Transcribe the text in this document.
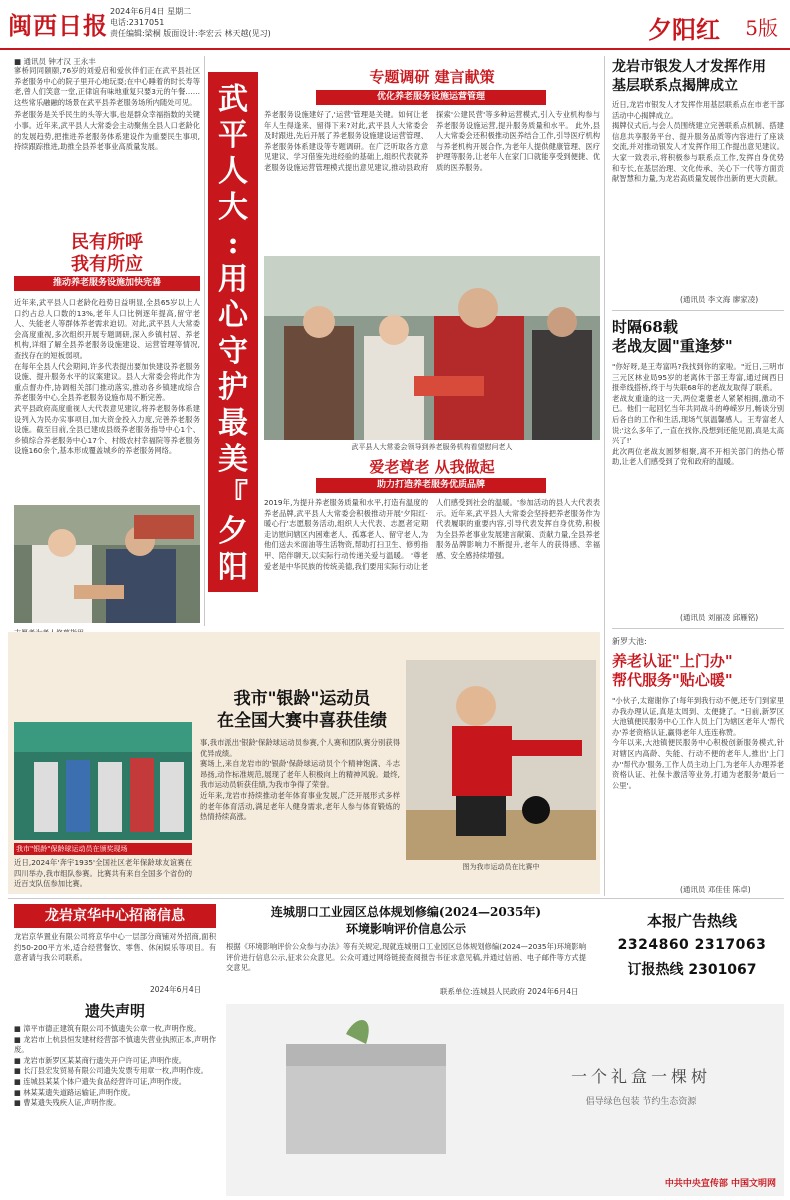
闽西日报 2024年6月4日 星期二
电话:2317051
责任编辑:梁桐 版面设计:李宏云 林天越(见习)	夕阳红 5版
■ 通讯员 钟才汉 王永丰

寥桥同同颐颐,76岁的刘爱启和爱伙伴们正在武平县社区养老服务中心的院子里开心地玩耍;在中心睡着的时长寿等老,曾人们笑意一堂,正律谊有味地重复只要3元的午餐……这些常乐融融的场景在武平县养老服务场所内随处可见。

养老服务是关乎民生的头等大事,也是群众幸福指数的关键小事。近年来,武平县人大常委会主动聚焦全县人口老龄化的发展趋势,把推进养老服务体系建设作为重要民生事项,持续跟踪推进,助推全县养老事业高质量发展。

民有所呼
我有所应
推动养老服务设施加快完善
近年来,武平县人口老龄化趋势日益明显,全县65岁以上人口约占总人口数的13%,老年人口比例逐年提高,留守老人、失能老人等群体养老需求迫切。对此,武平县人大常委会高度重视,多次组织开展专题调研,深入乡镇村居、养老机构,详细了解全县养老服务设施建设、运营管理等情况,查找存在的短板弱项。
在每年全县人代会期间,许多代表提出要加快建设养老服务设施、提升服务水平的议案建议。县人大常委会将此作为重点督办件,协调相关部门推动落实,推动各乡镇建成综合养老服务中心,全县养老服务设施布局不断完善。
武平县政府高度重视人大代表意见建议,将养老服务体系建设列入为民办实事项目,加大资金投入力度,完善养老服务设施。截至目前,全县已建成县级养老服务指导中心1个、乡镇综合养老服务中心17个、村级农村幸福院等养老服务设施160余个,基本形成覆盖城乡的养老服务网络。
武
平
人
大
:
用
心
守
护
最
美
『
夕
阳
专题调研 建言献策
优化养老服务设施运营管理
养老服务设施建好了,'运营'管理是关键。如何让老年人生得逢来、留得下来?对此,武平县人大常委会及时跟进,先后开展了养老服务设施建设运营管理、养老服务体系建设等专题调研。在广泛听取各方意见建议、学习借鉴先进经验的基础上,组织代表就养老服务设施运营管理模式提出意见建议,推动县政府探索'公建民营'等多种运营模式,引入专业机构参与养老服务设施运营,提升服务质量和水平。 此外,县人大常委会还积极推动医养结合工作,引导医疗机构与养老机构开展合作,为老年人提供健康管理、医疗护理等服务,让老年人在家门口就能享受到便捷、优质的医养服务。
武平县人大常委会领导到养老服务机构看望慰问老人
爱老尊老 从我做起
助力打造养老服务优质品牌
2019年,为提升养老服务质量和水平,打造有温度的养老品牌,武平县人大常委会积极推动开展'夕阳红·暖心行'志愿服务活动,组织人大代表、志愿者定期走访慰问辖区内困难老人、孤寡老人、留守老人,为他们送去米面油等生活物资,帮助打扫卫生、修剪指甲、陪伴聊天,以实际行动传递关爱与温暖。 '尊老爱老是中华民族的传统美德,我们要用实际行动让老人们感受到社会的温暖。'参加活动的县人大代表表示。近年来,武平县人大常委会坚持把养老服务作为代表履职的重要内容,引导代表发挥自身优势,积极为全县养老事业发展建言献策、贡献力量,全县养老服务品牌影响力不断提升,老年人的获得感、幸福感、安全感持续增强。
龙岩市银发人才发挥作用
基层联系点揭牌成立
近日,龙岩市银发人才发挥作用基层联系点在市老干部活动中心揭牌成立。
揭牌仪式后,与会人员围绕建立完善联系点机制、搭建信息共享服务平台、提升服务品质等内容进行了座谈交流,并对推动银发人才发挥作用工作提出意见建议。大家一致表示,将积极参与联系点工作,发挥自身优势和专长,在基层治理、文化传承、关心下一代等方面贡献智慧和力量,为龙岩高质量发展作出新的更大贡献。
(通讯员 李文海 廖家凌)
时隔68载
老战友圆"重逢梦"
"你好呀,是王寿富吗?我找到你的家啦。"近日,三明市三元区林业局95岁的老离休干部王寿富,通过闽西日报牵线搭桥,终于与失联68年的老战友取得了联系。
老战友重逢的这一天,两位耄耋老人紧紧相拥,激动不已。他们一起回忆当年共同战斗的峥嵘岁月,畅谈分别后各自的工作和生活,现场气氛温馨感人。王寿富老人说:'这么多年了,一直在找你,没想到还能见面,真是太高兴了!'
此次两位老战友圆梦相聚,离不开相关部门的热心帮助,让老人们感受到了党和政府的温暖。
(通讯员 刘丽凌 邱雁铭)
新罗大池:
养老认证"上门办"
帮代服务"贴心暖"
"小伙子,太谢谢你了!每年到我行动不便,还专门到家里办我办理认证,真是太周到、太便捷了。"日前,新罗区大池镇便民服务中心工作人员上门为辖区老年人'帮代办'养老资格认证,赢得老年人连连称赞。
今年以来,大池镇便民服务中心积极创新服务模式,针对辖区内高龄、失能、行动不便的老年人,推出'上门办''帮代办'服务,工作人员主动上门,为老年人办理养老资格认证、社保卡激活等业务,打通为老服务'最后一公里'。
(通讯员 邓佳佳 陈卓)
我市"银龄"运动员
在全国大赛中喜获佳绩
我市"银龄"保龄球运动员在颁奖现场
近日,2024年'奔宇1935'全国社区老年保龄球友谊赛在四川举办,我市组队参赛。比赛共有来自全国多个省份的近百支队伍参加比赛。
事,我市派出'银龄'保龄球运动员参赛,个人赛和团队赛分别获得优异成绩。
赛场上,来自龙岩市的'银龄'保龄球运动员个个精神饱满、斗志昂扬,动作标准规范,展现了老年人积极向上的精神风貌。最终,我市运动员斩获佳绩,为我市争得了荣誉。
近年来,龙岩市持续推动老年体育事业发展,广泛开展形式多样的老年体育活动,满足老年人健身需求,老年人参与体育锻炼的热情持续高涨。
图为我市运动员在比赛中
龙岩京华中心招商信息
龙岩京华置业有限公司将京华中心一层部分商铺对外招商,面积约50-200平方米,适合经营餐饮、零售、休闲娱乐等项目。有意者请与我公司联系。
2024年6月4日
遗失声明
■ 漳平市德正建筑有限公司不慎遗失公章一枚,声明作废。
■ 龙岩市上杭县恒发建材经营部不慎遗失营业执照正本,声明作废。
■ 龙岩市新罗区某某商行遗失开户许可证,声明作废。
■ 长汀县宏发贸易有限公司遗失发票专用章一枚,声明作废。
■ 连城县某某个体户遗失食品经营许可证,声明作废。
■ 林某某遗失道路运输证,声明作废。
■ 曹某遗失残疾人证,声明作废。
连城朋口工业园区总体规划修编(2024—2035年)
环境影响评价信息公示
根据《环境影响评价公众参与办法》等有关规定,现就连城朋口工业园区总体规划修编(2024—2035年)环境影响评价进行信息公示,征求公众意见。公众可通过网络链接查阅报告书征求意见稿,并通过信函、电子邮件等方式提交意见。
联系单位:连城县人民政府 2024年6月4日
本报广告热线
2324860 2317063
订报热线 2301067
一个礼盒一棵树
倡导绿色包装 节约生态资源
中共中央宣传部 中国文明网
